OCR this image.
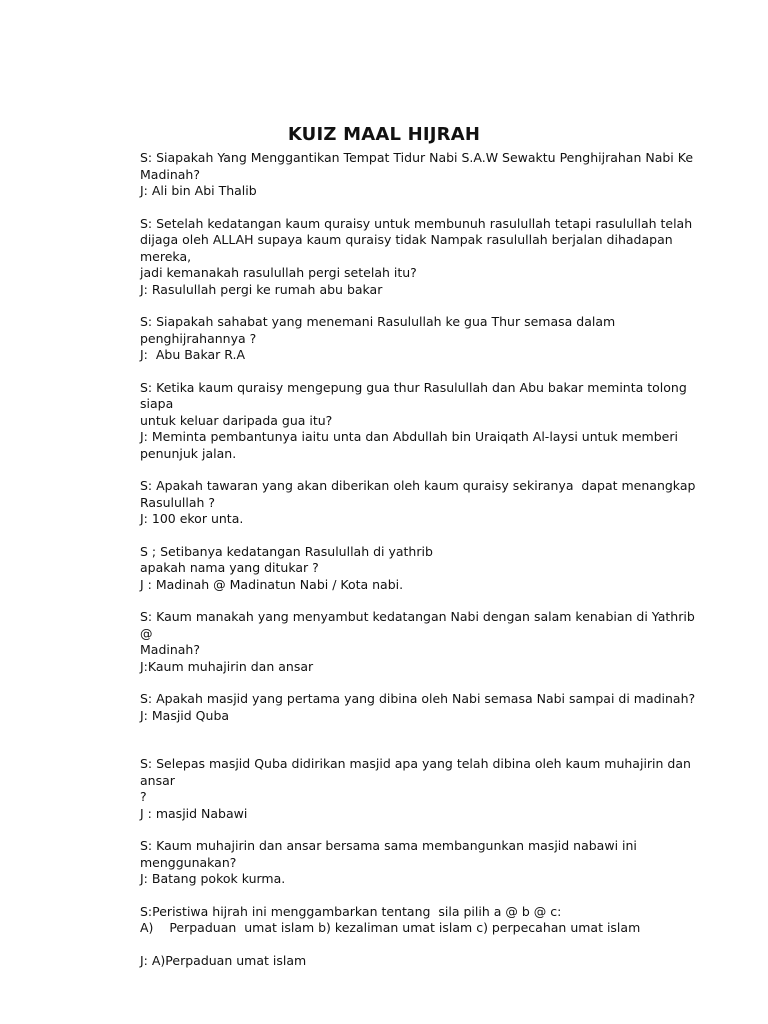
KUIZ MAAL HIJRAH

S: Siapakah Yang Menggantikan Tempat Tidur Nabi S.A.W Sewaktu Penghijrahan Nabi Ke

Madinah?

J: Ali bin Abi Thalib

S: Setelah kedatangan kaum quraisy untuk membunuh rasulullah tetapi rasulullah telah

dijaga oleh ALLAH supaya kaum quraisy tidak Nampak rasulullah berjalan dihadapan mereka,

jadi kemanakah rasulullah pergi setelah itu?

J: Rasulullah pergi ke rumah abu bakar

S: Siapakah sahabat yang menemani Rasulullah ke gua Thur semasa dalam

penghijrahannya ?

J:  Abu Bakar R.A

S: Ketika kaum quraisy mengepung gua thur Rasulullah dan Abu bakar meminta tolong siapa

untuk keluar daripada gua itu?

J: Meminta pembantunya iaitu unta dan Abdullah bin Uraiqath Al-laysi untuk memberi

penunjuk jalan.

S: Apakah tawaran yang akan diberikan oleh kaum quraisy sekiranya  dapat menangkap

Rasulullah ?

J: 100 ekor unta.

S ; Setibanya kedatangan Rasulullah di yathrib

apakah nama yang ditukar ?

J : Madinah @ Madinatun Nabi / Kota nabi.

S: Kaum manakah yang menyambut kedatangan Nabi dengan salam kenabian di Yathrib @

Madinah?

J:Kaum muhajirin dan ansar

S: Apakah masjid yang pertama yang dibina oleh Nabi semasa Nabi sampai di madinah?

J: Masjid Quba

S: Selepas masjid Quba didirikan masjid apa yang telah dibina oleh kaum muhajirin dan ansar

?

J : masjid Nabawi

S: Kaum muhajirin dan ansar bersama sama membangunkan masjid nabawi ini

menggunakan?

J: Batang pokok kurma.

S:Peristiwa hijrah ini menggambarkan tentang  sila pilih a @ b @ c:

A)    Perpaduan  umat islam b) kezaliman umat islam c) perpecahan umat islam

J: A)Perpaduan umat islam
